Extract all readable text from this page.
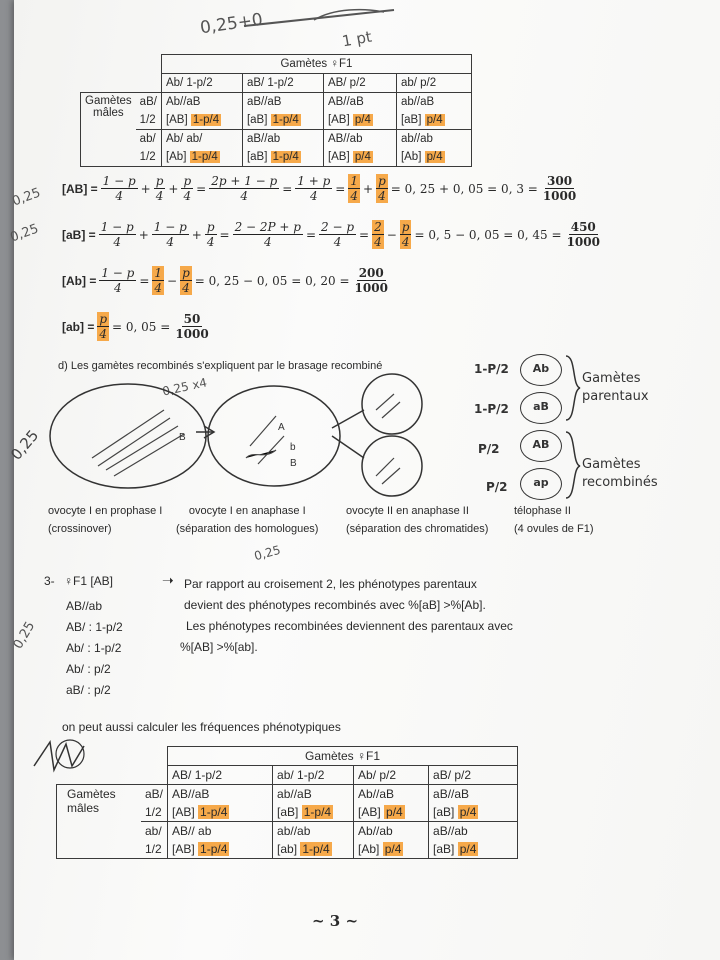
0,25+0
1 pt
		Gamètes ♀F1			
		Ab/ 1-p/2	aB/ 1-p/2	AB/ p/2	ab/ p/2
Gamètes
mâles	aB/	Ab//aB	aB//aB	AB//aB	ab//aB
	1/2	[AB] 1-p/4	[aB] 1-p/4	[AB] p/4	[aB] p/4
	ab/	Ab/ ab/	aB//ab	AB//ab	ab//ab
	1/2	[Ab] 1-p/4	[aB] 1-p/4	[AB] p/4	[Ab] p/4
0,25
0,25
$[AB] = \frac{1 - p}{4} + \frac{p}{4} + \frac{p}{4} = \frac{2p + 1 - p}{4} = \frac{1 + p}{4} = \frac{1}{4} + \frac{p}{4} = 0$, 25 + 0, 05 = 0, $3 = \frac{300}{1000}$
$[aB] = \frac{1 - p}{4} + \frac{1 - p}{4} + \frac{p}{4} = \frac{2 - 2P + p}{4} = \frac{2 - p}{4} = \frac{2}{4} - \frac{p}{4} = 0$, 5 − 0, 05 = 0, $45 = \frac{450}{1000}$
$[Ab] = \frac{1 - p}{4} = \frac{1}{4} - \frac{p}{4} = 0$, 25 − 0, 05 = 0, $20 = \frac{200}{1000}$
$[ab] = \frac{p}{4} = 0$, $05 = \frac{50}{1000}$
d) Les gamètes recombinés s'expliquent par le brasage recombiné
0,25 x4
0,25	B
A
b
B
1-P/2
1-P/2
P/2
P/2
Ab
aB
AB
ap
Gamètes parentaux
Gamètes recombinés
ovocyte I en prophase I
(crossinover)
ovocyte I en anaphase I
(séparation des homologues)
ovocyte II en anaphase II
(séparation des chromatides)
télophase II
(4 ovules de F1)
0,25
3- ♀F1 [AB]
AB//ab
AB/ : 1-p/2
Ab/ : 1-p/2
Ab/ : p/2
aB/ : p/2
➝ Par rapport au croisement 2, les phénotypes parentaux
devient des phénotypes recombinés avec %[aB] >%[Ab].
Les phénotypes recombinées deviennent des parentaux avec
%[AB] >%[ab].
0,25
on peut aussi calculer les fréquences phénotypiques
		Gamètes ♀F1			
		AB/ 1-p/2	ab/ 1-p/2	Ab/ p/2	aB/ p/2
Gamètes
mâles	aB/	AB//aB	ab//aB	Ab//aB	aB//aB
	1/2	[AB] 1-p/4	[aB] 1-p/4	[AB] p/4	[aB] p/4
	ab/	AB// ab	ab//ab	Ab//ab	aB//ab
	1/2	[AB] 1-p/4	[ab] 1-p/4	[Ab] p/4	[aB] p/4
~ 3 ~
